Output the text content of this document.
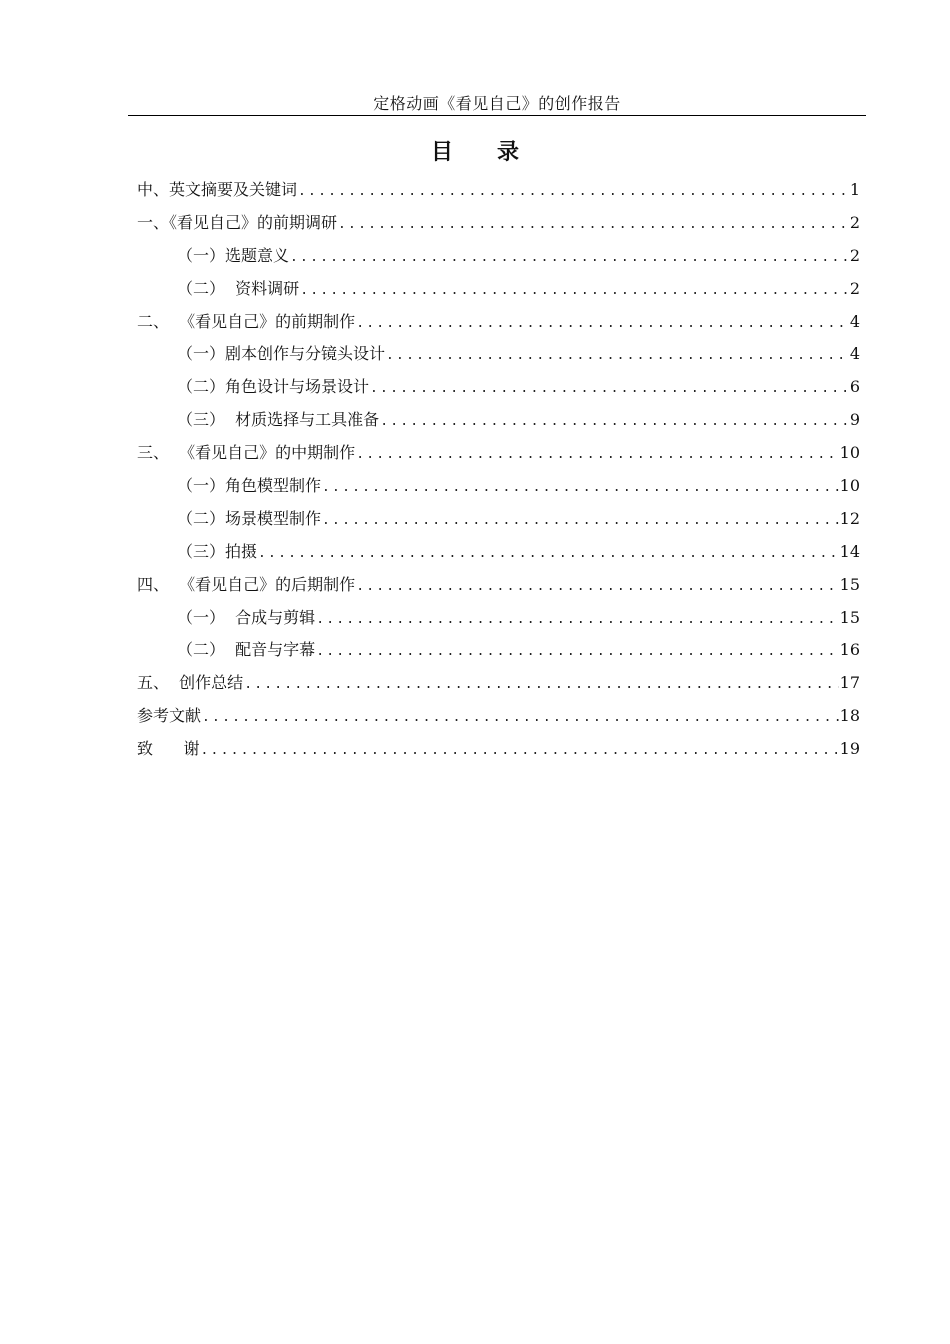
定格动画《看见自己》的创作报告
目 录
中、英文摘要及关键词 .....	1
一、《看见自己》的前期调研 .....	2
（一）选题意义 .....	2
（二）  资料调研 .....	2
二、  《看见自己》的前期制作 .....	4
（一）剧本创作与分镜头设计 .....	4
（二）角色设计与场景设计 .....	6
（三）  材质选择与工具准备 .....	9
三、  《看见自己》的中期制作 .....	10
（一）角色模型制作 .....	10
（二）场景模型制作 .....	12
（三）拍摄 .....	14
四、  《看见自己》的后期制作 .....	15
（一）  合成与剪辑 .....	15
（二）  配音与字幕 .....	16
五、  创作总结 .....	17
参考文献 .....	18
致      谢 .....	19
